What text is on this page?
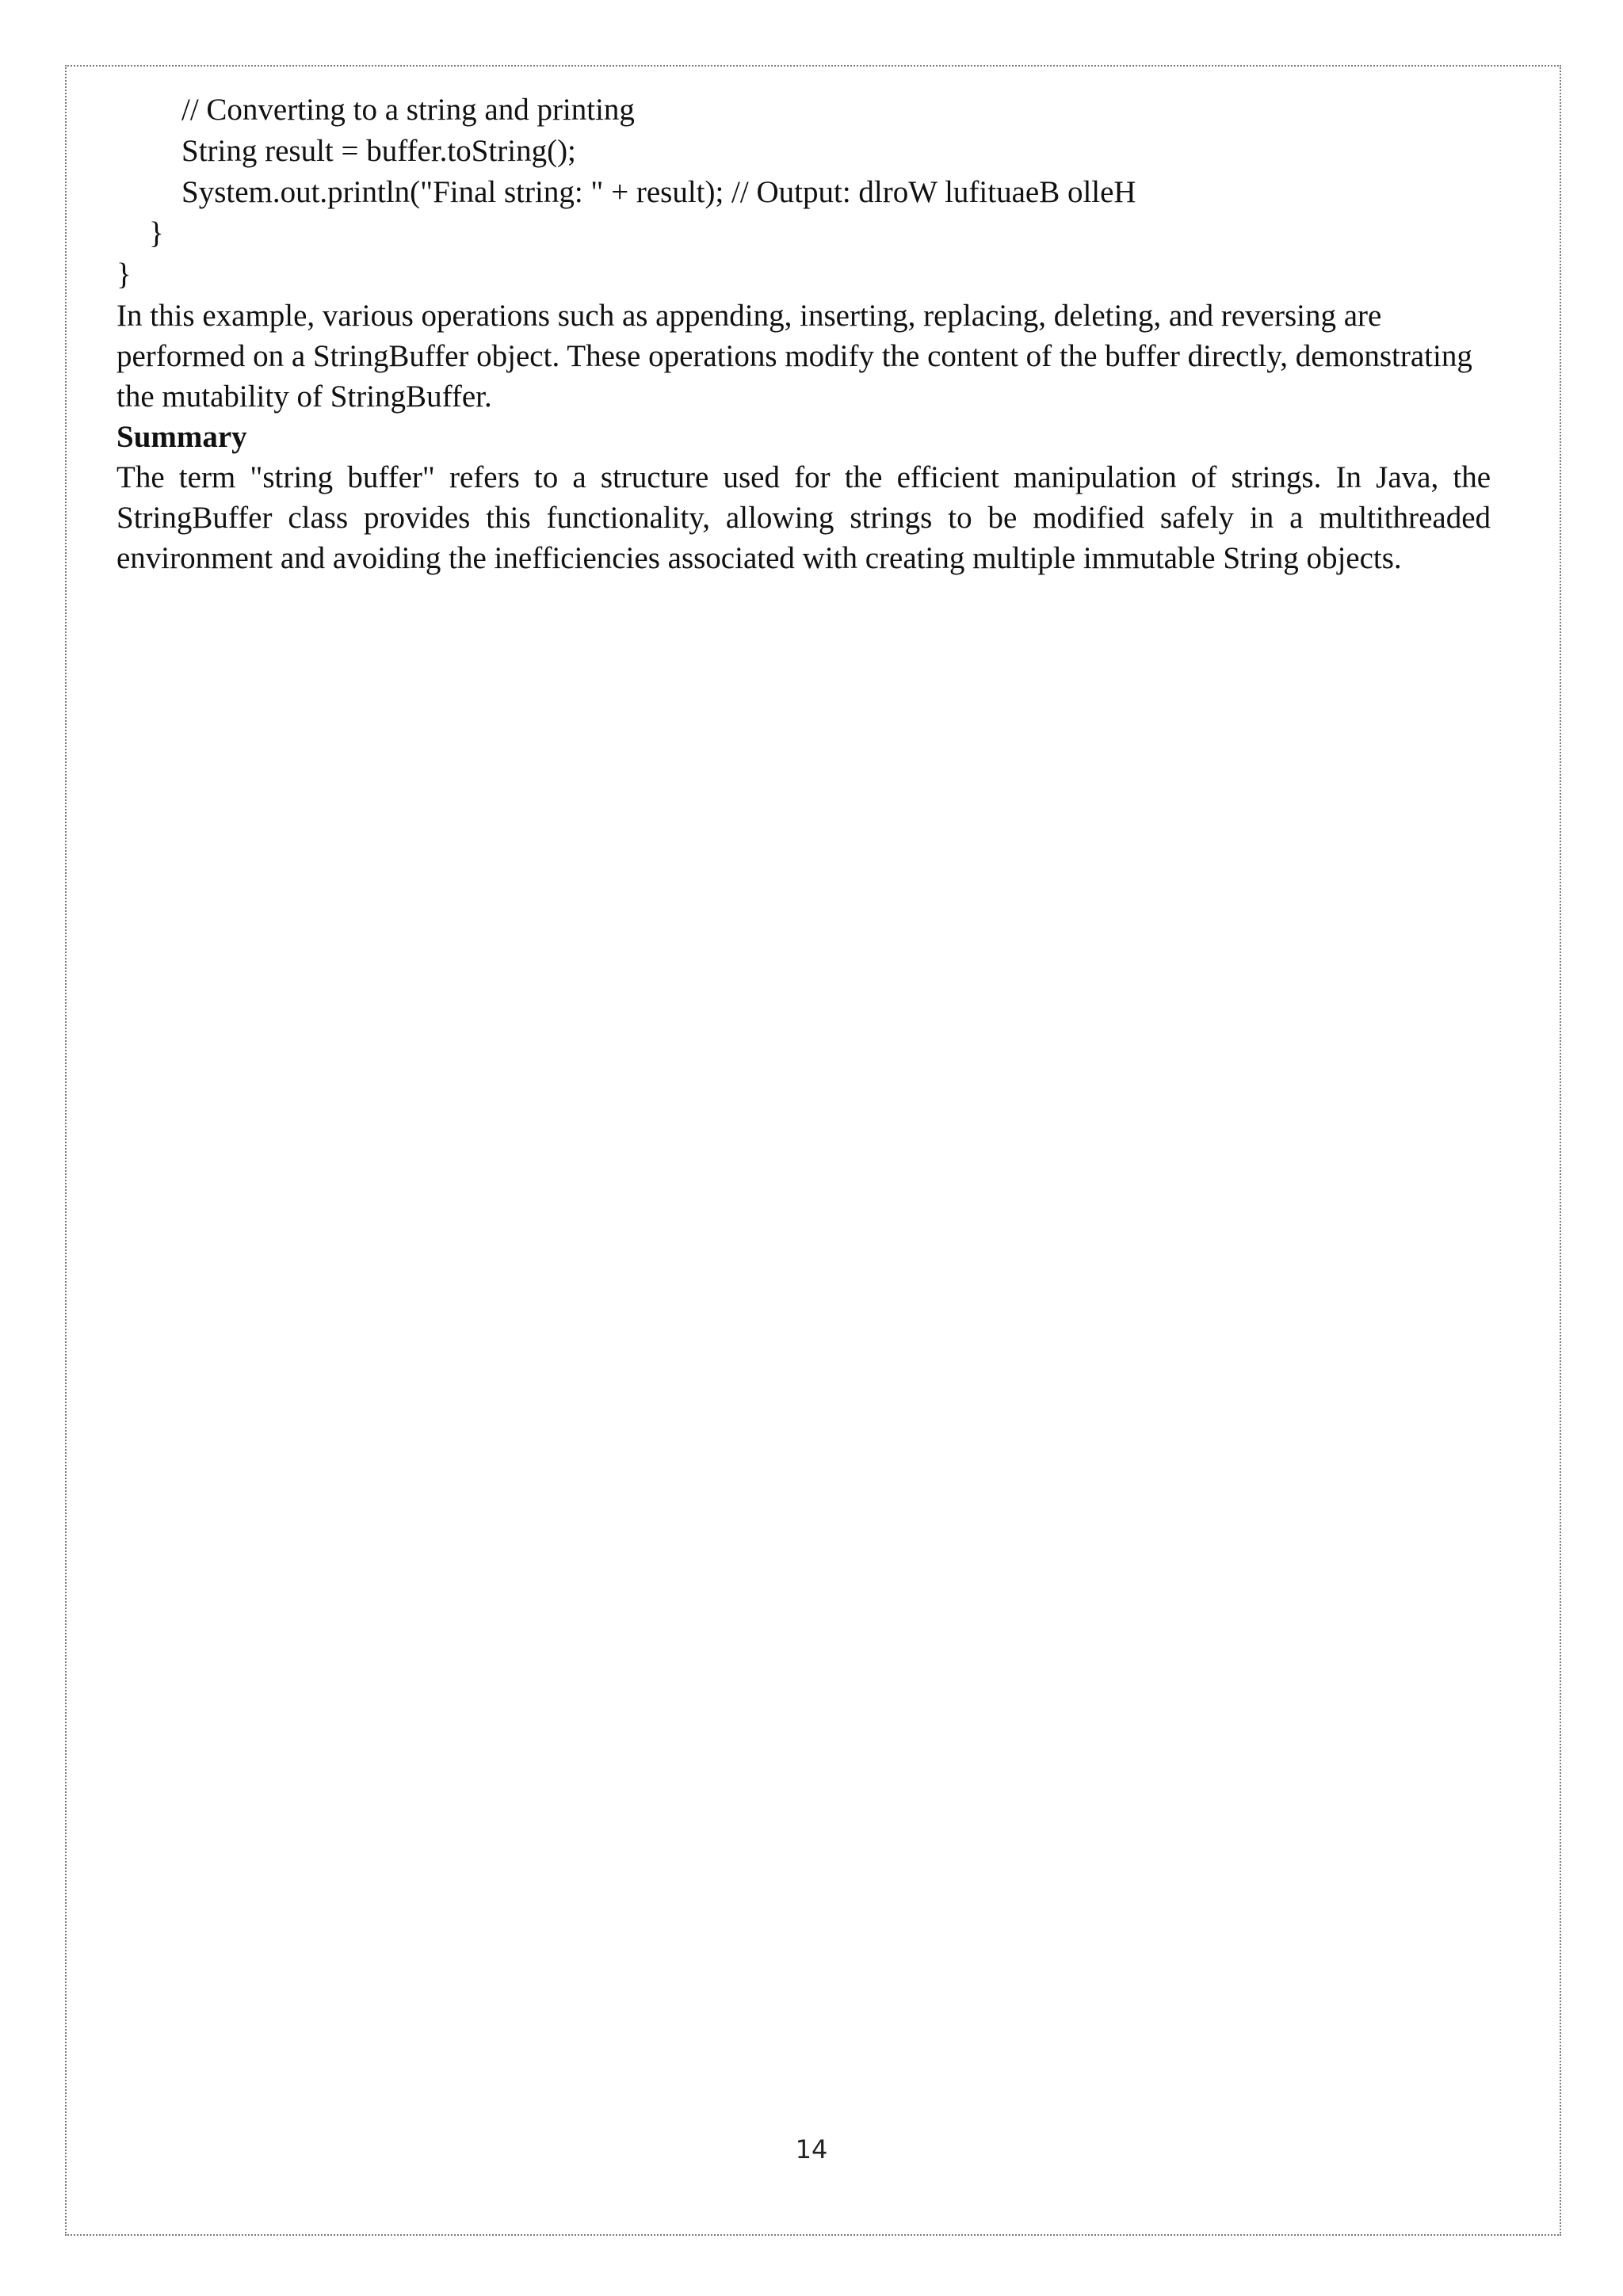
// Converting to a string and printing
String result = buffer.toString();
System.out.println("Final string: " + result); // Output: dlroW lufituaeB olleH
}
}

In this example, various operations such as appending, inserting, replacing, deleting, and reversing are performed on a StringBuffer object. These operations modify the content of the buffer directly, demonstrating the mutability of StringBuffer.

Summary

The term "string buffer" refers to a structure used for the efficient manipulation of strings. In Java, the StringBuffer class provides this functionality, allowing strings to be modified safely in a multithreaded environment and avoiding the inefficiencies associated with creating multiple immutable String objects.

14
